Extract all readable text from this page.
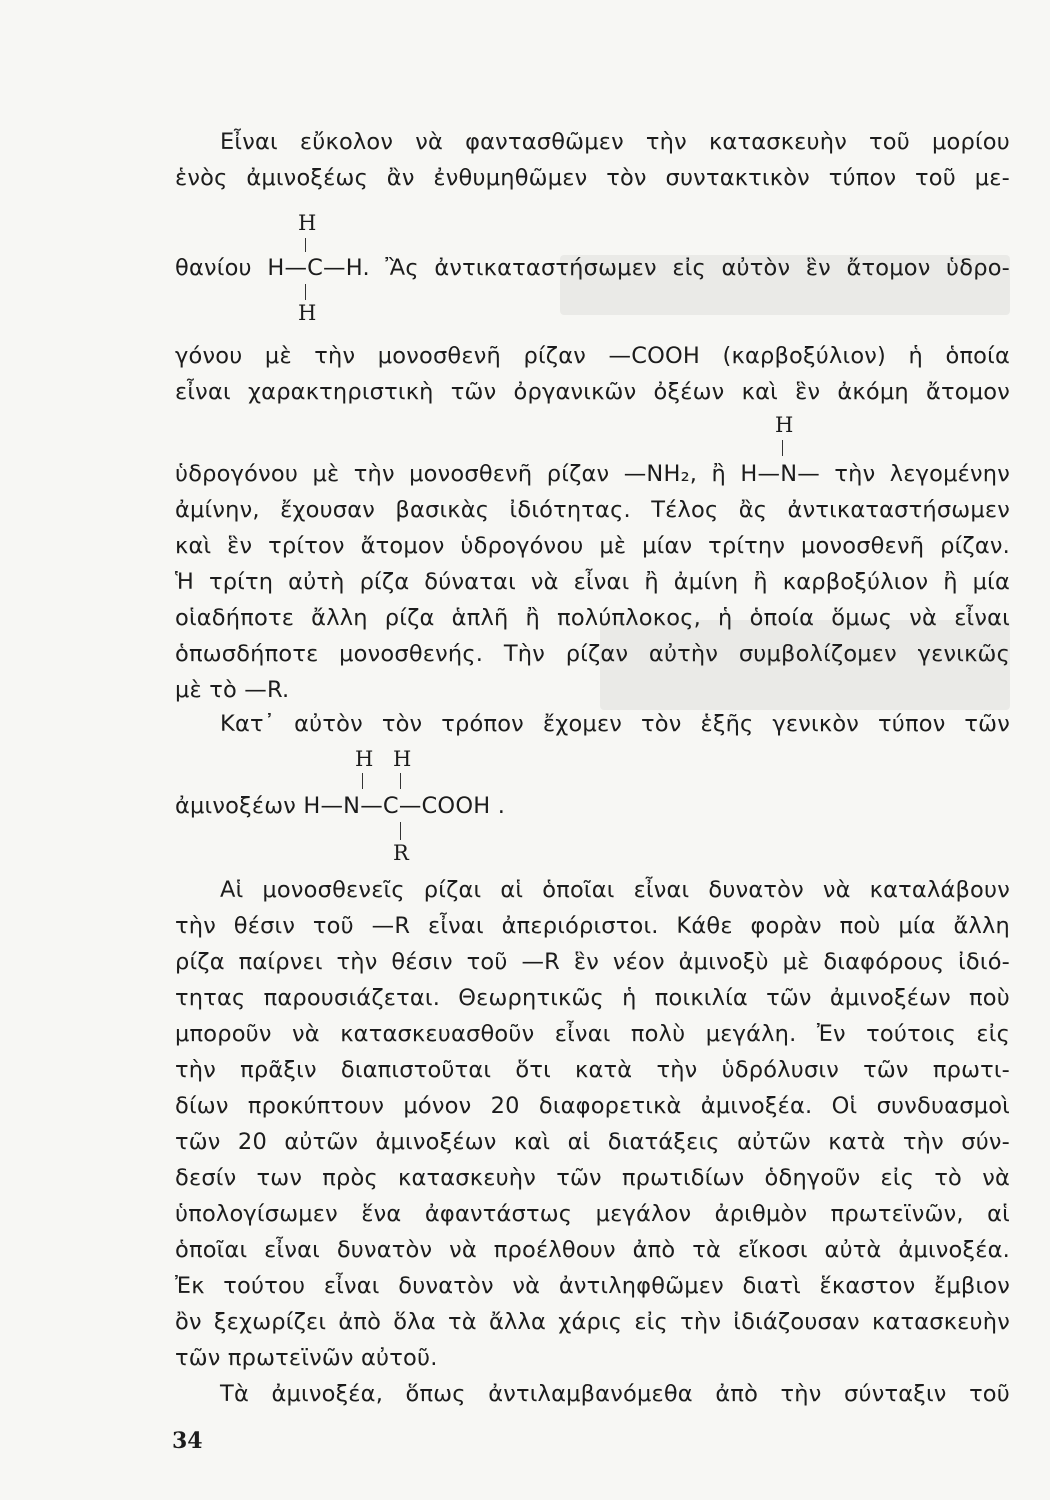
Εἶναι εὔκολον νὰ φαντασθῶμεν τὴν κατασκευὴν τοῦ μορίου
ἑνὸς ἀμινοξέως ἂν ἐνθυμηθῶμεν τὸν συντακτικὸν τύπον τοῦ με-
θανίου H—C—H. Ἂς ἀντικαταστήσωμεν εἰς αὐτὸν ἓν ἄτομον ὑδρο-
γόνου μὲ τὴν μονοσθενῆ ρίζαν —COOH (καρβοξύλιον) ἡ ὁποία
εἶναι χαρακτηριστικὴ τῶν ὀργανικῶν ὀξέων καὶ ἓν ἀκόμη ἄτομον
ὑδρογόνου μὲ τὴν μονοσθενῆ ρίζαν —NH₂, ἢ H—N— τὴν λεγομένην
ἀμίνην, ἔχουσαν βασικὰς ἰδιότητας. Τέλος ἂς ἀντικαταστήσωμεν
καὶ ἓν τρίτον ἄτομον ὑδρογόνου μὲ μίαν τρίτην μονοσθενῆ ρίζαν.
Ἡ τρίτη αὐτὴ ρίζα δύναται νὰ εἶναι ἢ ἀμίνη ἢ καρβοξύλιον ἢ μία
οἱαδήποτε ἄλλη ρίζα ἁπλῆ ἢ πολύπλοκος, ἡ ὁποία ὅμως νὰ εἶναι
ὁπωσδήποτε μονοσθενής. Τὴν ρίζαν αὐτὴν συμβολίζομεν γενικῶς
μὲ τὸ —R.
Κατ᾽ αὐτὸν τὸν τρόπον ἔχομεν τὸν ἑξῆς γενικὸν τύπον τῶν
ἀμινοξέων H—N—C—COOH .
Αἱ μονοσθενεῖς ρίζαι αἱ ὁποῖαι εἶναι δυνατὸν νὰ καταλάβουν
τὴν θέσιν τοῦ —R εἶναι ἀπεριόριστοι. Κάθε φορὰν ποὺ μία ἄλλη
ρίζα παίρνει τὴν θέσιν τοῦ —R ἓν νέον ἀμινοξὺ μὲ διαφόρους ἰδιό-
τητας παρουσιάζεται. Θεωρητικῶς ἡ ποικιλία τῶν ἀμινοξέων ποὺ
μποροῦν νὰ κατασκευασθοῦν εἶναι πολὺ μεγάλη. Ἐν τούτοις εἰς
τὴν πρᾶξιν διαπιστοῦται ὅτι κατὰ τὴν ὑδρόλυσιν τῶν πρωτι-
δίων προκύπτουν μόνον 20 διαφορετικὰ ἀμινοξέα. Οἱ συνδυασμοὶ
τῶν 20 αὐτῶν ἀμινοξέων καὶ αἱ διατάξεις αὐτῶν κατὰ τὴν σύν-
δεσίν των πρὸς κατασκευὴν τῶν πρωτιδίων ὁδηγοῦν εἰς τὸ νὰ
ὑπολογίσωμεν ἕνα ἀφαντάστως μεγάλον ἀριθμὸν πρωτεϊνῶν, αἱ
ὁποῖαι εἶναι δυνατὸν νὰ προέλθουν ἀπὸ τὰ εἴκοσι αὐτὰ ἀμινοξέα.
Ἐκ τούτου εἶναι δυνατὸν νὰ ἀντιληφθῶμεν διατὶ ἕκαστον ἔμβιον
ὂν ξεχωρίζει ἀπὸ ὅλα τὰ ἄλλα χάρις εἰς τὴν ἰδιάζουσαν κατασκευὴν
τῶν πρωτεϊνῶν αὐτοῦ.
Τὰ ἀμινοξέα, ὅπως ἀντιλαμβανόμεθα ἀπὸ τὴν σύνταξιν τοῦ
H
H
H
H H
R
34
